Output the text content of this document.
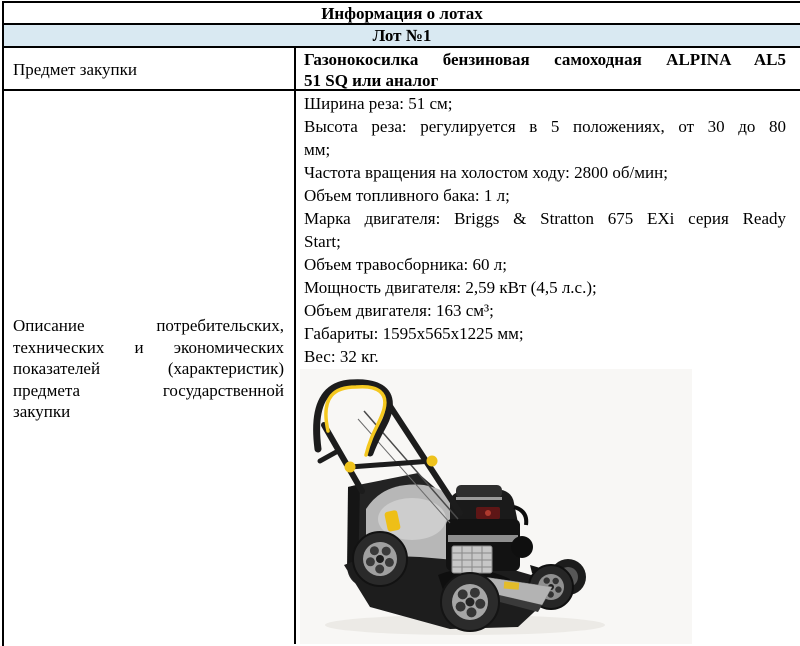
Информация о лотах
Лот №1
Предмет закупки
Газонокосилка бензиновая самоходная ALPINA AL5
51 SQ или аналог
Описание потребительских,
технических и экономических
показателей (характеристик)
предмета государственной
закупки
Ширина реза: 51 см;
Высота реза: регулируется в 5 положениях, от 30 до 80
мм;
Частота вращения на холостом ходу: 2800 об/мин;
Объем топливного бака: 1 л;
Марка двигателя: Briggs & Stratton 675 EXi серия Ready
Start;
Объем травосборника: 60 л;
Мощность двигателя: 2,59 кВт (4,5 л.с.);
Объем двигателя: 163 см³;
Габариты: 1595х565х1225 мм;
Вес: 32 кг.
